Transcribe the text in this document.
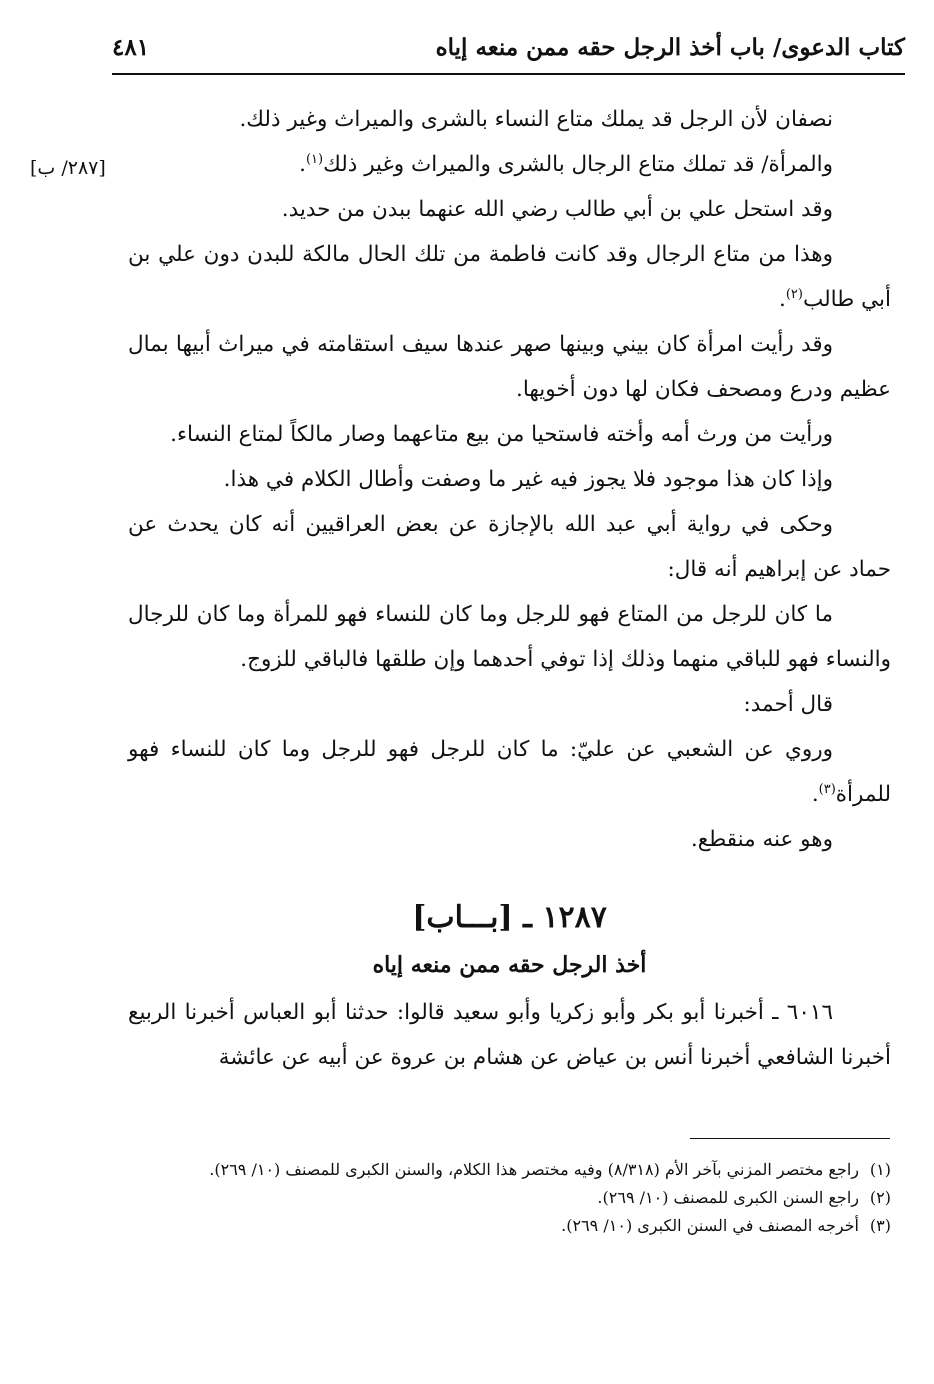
كتاب الدعوى/ باب أخذ الرجل حقه ممن منعه إياه
٤٨١
[٢٨٧/ ب]

نصفان لأن الرجل قد يملك متاع النساء بالشرى والميراث وغير ذلك.

والمرأة/ قد تملك متاع الرجال بالشرى والميراث وغير ذلك$^{(١)}$.

وقد استحل علي بن أبي طالب رضي الله عنهما ببدن من حديد.

وهذا من متاع الرجال وقد كانت فاطمة من تلك الحال مالكة للبدن دون علي بن أبي طالب$^{(٢)}$.

وقد رأيت امرأة كان بيني وبينها صهر عندها سيف استقامته في ميراث أبيها بمال عظيم ودرع ومصحف فكان لها دون أخويها.

ورأيت من ورث أمه وأخته فاستحيا من بيع متاعهما وصار مالكاً لمتاع النساء.

وإذا كان هذا موجود فلا يجوز فيه غير ما وصفت وأطال الكلام في هذا.

وحكى في رواية أبي عبد الله بالإجازة عن بعض العراقيين أنه كان يحدث عن حماد عن إبراهيم أنه قال:

ما كان للرجل من المتاع فهو للرجل وما كان للنساء فهو للمرأة وما كان للرجال والنساء فهو للباقي منهما وذلك إذا توفي أحدهما وإن طلقها فالباقي للزوج.

قال أحمد:

وروي عن الشعبي عن عليّ: ما كان للرجل فهو للرجل وما كان للنساء فهو للمرأة$^{(٣)}$.

وهو عنه منقطع.

١٢٨٧ ـ [بـــاب]

أخذ الرجل حقه ممن منعه إياه

٦٠١٦ ـ أخبرنا أبو بكر وأبو زكريا وأبو سعيد قالوا: حدثنا أبو العباس أخبرنا الربيع أخبرنا الشافعي أخبرنا أنس بن عياض عن هشام بن عروة عن أبيه عن عائشة

(١)
راجع مختصر المزني بآخر الأم (٨/٣١٨) وفيه مختصر هذا الكلام، والسنن الكبرى للمصنف (١٠/ ٢٦٩).

(٢)
راجع السنن الكبرى للمصنف (١٠/ ٢٦٩).

(٣)
أخرجه المصنف في السنن الكبرى (١٠/ ٢٦٩).
